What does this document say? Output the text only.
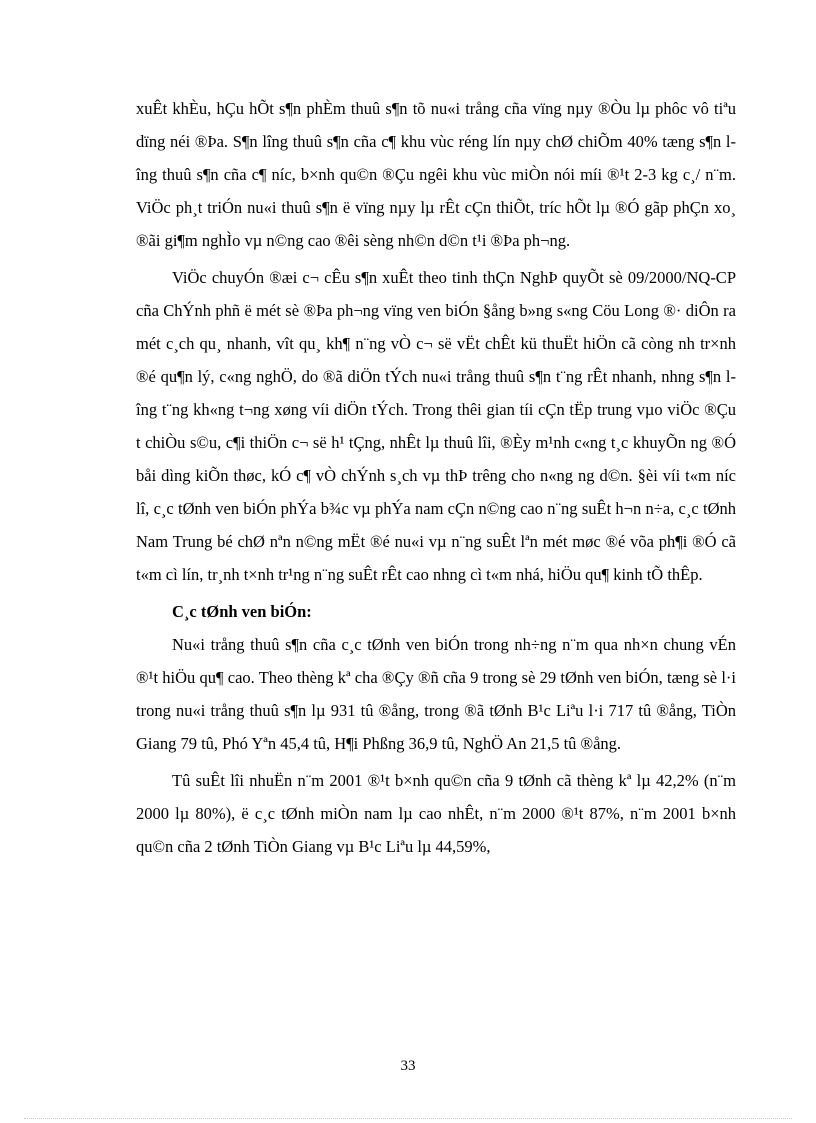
xuÊt khÈu, hÇu hÕt s¶n phÈm thuû s¶n tõ nu«i trång cña vïng nµy ®Òu lµ phôc vô tiªu dïng néi ®Þa. S¶n lîng thuû s¶n cña c¶ khu vùc réng lín nµy chØ chiÕm 40% tæng s¶n lîng thuû s¶n cña c¶ níc, b×nh qu©n ®Çu ngêi khu vùc miÒn nói míi ®¹t 2-3 kg c¸/ n¨m. ViÖc ph¸t triÓn nu«i thuû s¶n ë vïng nµy lµ rÊt cÇn thiÕt, tríc hÕt lµ ®Ó gãp phÇn xo¸ ®ãi gi¶m nghÌo vµ n©ng cao ®êi sèng nh©n d©n t¹i ®Þa ph¬ng.

ViÖc chuyÓn ®æi c¬ cÊu s¶n xuÊt theo tinh thÇn NghÞ quyÕt sè 09/2000/NQ-CP cña ChÝnh phñ ë mét sè ®Þa ph¬ng vïng ven biÓn §ång b»ng s«ng Cöu Long ®· diÔn ra mét c¸ch qu¸ nhanh, vît qu¸ kh¶ n¨ng vÒ c¬ së vËt chÊt kü thuËt hiÖn cã còng nh tr×nh ®é qu¶n lý, c«ng nghÖ, do ®ã diÖn tÝch nu«i trång thuû s¶n t¨ng rÊt nhanh, nhng s¶n lîng t¨ng kh«ng t¬ng xøng víi diÖn tÝch. Trong thêi gian tíi cÇn tËp trung vµo viÖc ®Çu t chiÒu s©u, c¶i thiÖn c¬ së h¹ tÇng, nhÊt lµ thuû lîi, ®Èy m¹nh c«ng t¸c khuyÕn ng ®Ó båi dìng kiÕn thøc, kÓ c¶ vÒ chÝnh s¸ch vµ thÞ trêng cho n«ng ng d©n. §èi víi t«m níc lî, c¸c tØnh ven biÓn phÝa b¾c vµ phÝa nam cÇn n©ng cao n¨ng suÊt h¬n n÷a, c¸c tØnh Nam Trung bé chØ nªn n©ng mËt ®é nu«i vµ n¨ng suÊt lªn mét møc ®é võa ph¶i ®Ó cã t«m cì lín, tr¸nh t×nh tr¹ng n¨ng suÊt rÊt cao nhng cì t«m nhá, hiÖu qu¶ kinh tÕ thÊp.

C¸c tØnh ven biÓn:

Nu«i trång thuû s¶n cña c¸c tØnh ven biÓn trong nh÷ng n¨m qua nh×n chung vÉn ®¹t hiÖu qu¶ cao. Theo thèng kª cha ®Çy ®ñ cña 9 trong sè 29 tØnh ven biÓn, tæng sè l·i trong nu«i trång thuû s¶n lµ 931 tû ®ång, trong ®ã tØnh B¹c Liªu l·i 717 tû ®ång, TiÒn Giang 79 tû, Phó Yªn 45,4 tû, H¶i Phßng 36,9 tû, NghÖ An 21,5 tû ®ång.

Tû suÊt lîi nhuËn n¨m 2001 ®¹t b×nh qu©n cña 9 tØnh cã thèng kª lµ 42,2% (n¨m 2000 lµ 80%), ë c¸c tØnh miÒn nam lµ cao nhÊt, n¨m 2000 ®¹t 87%, n¨m 2001 b×nh qu©n cña 2 tØnh TiÒn Giang vµ B¹c Liªu lµ 44,59%,

33
